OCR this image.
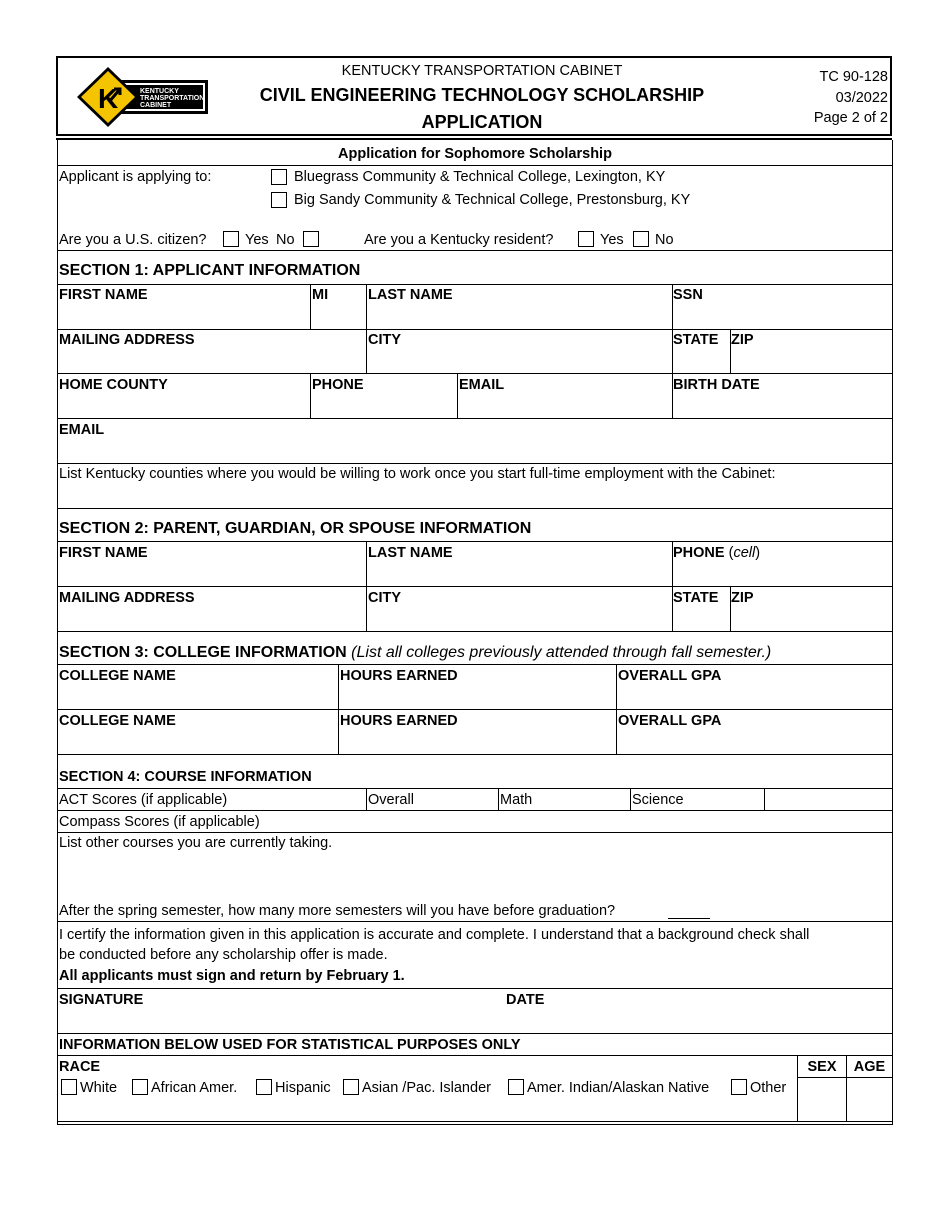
K	KENTUCKY
TRANSPORTATION
CABINET
KENTUCKY TRANSPORTATION CABINET
CIVIL ENGINEERING TECHNOLOGY SCHOLARSHIP
APPLICATION
TC 90-128
03/2022
Page 2 of 2
Application for Sophomore Scholarship
Applicant is applying to:	Bluegrass Community & Technical College, Lexington, KY
Big Sandy Community & Technical College, Prestonsburg, KY
Are you a U.S. citizen?	Yes No	Are you a Kentucky resident?	Yes No
SECTION 1: APPLICANT INFORMATION
FIRST NAME	MI	LAST NAME	SSN
MAILING ADDRESS	CITY	STATE ZIP
HOME COUNTY	PHONE	EMAIL	BIRTH DATE
EMAIL
List Kentucky counties where you would be willing to work once you start full-time employment with the Cabinet:
SECTION 2: PARENT, GUARDIAN, OR SPOUSE INFORMATION
FIRST NAME	LAST NAME	PHONE (cell)
MAILING ADDRESS	CITY	STATE ZIP
SECTION 3: COLLEGE INFORMATION (List all colleges previously attended through fall semester.)
COLLEGE NAME	HOURS EARNED	OVERALL GPA
COLLEGE NAME	HOURS EARNED	OVERALL GPA
SECTION 4: COURSE INFORMATION
ACT Scores (if applicable)	Overall	Math	Science
Compass Scores (if applicable)
List other courses you are currently taking.
After the spring semester, how many more semesters will you have before graduation?
I certify the information given in this application is accurate and complete. I understand that a background check shall
be conducted before any scholarship offer is made.
All applicants must sign and return by February 1.
SIGNATURE	DATE
INFORMATION BELOW USED FOR STATISTICAL PURPOSES ONLY
RACE	SEX	AGE
White African Amer.	Hispanic Asian /Pac. Islander Amer. Indian/Alaskan Native	Other
